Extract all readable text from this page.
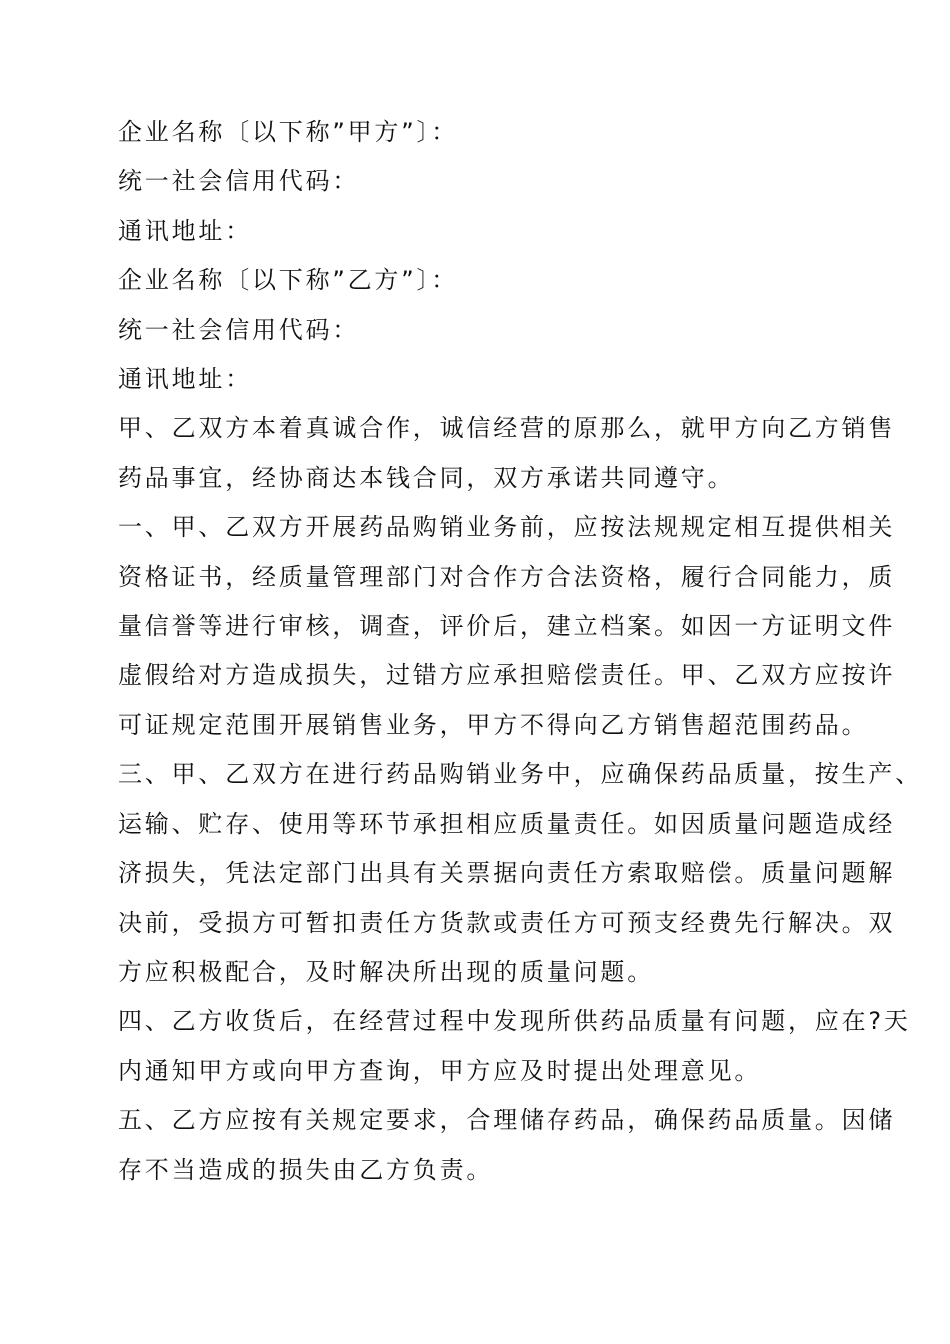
企业名称〔以下称”甲方”〕：

统一社会信用代码：

通讯地址：

企业名称〔以下称”乙方”〕：

统一社会信用代码：

通讯地址：

甲、乙双方本着真诚合作，诚信经营的原那么，就甲方向乙方销售

药品事宜，经协商达本钱合同，双方承诺共同遵守。

一、甲、乙双方开展药品购销业务前，应按法规规定相互提供相关

资格证书，经质量管理部门对合作方合法资格，履行合同能力，质

量信誉等进行审核，调查，评价后，建立档案。如因一方证明文件

虚假给对方造成损失，过错方应承担赔偿责任。甲、乙双方应按许

可证规定范围开展销售业务，甲方不得向乙方销售超范围药品。

三、甲、乙双方在进行药品购销业务中，应确保药品质量，按生产、

运输、贮存、使用等环节承担相应质量责任。如因质量问题造成经

济损失，凭法定部门出具有关票据向责任方索取赔偿。质量问题解

决前，受损方可暂扣责任方货款或责任方可预支经费先行解决。双

方应积极配合，及时解决所出现的质量问题。

四、乙方收货后，在经营过程中发现所供药品质量有问题，应在?天

内通知甲方或向甲方查询，甲方应及时提出处理意见。

五、乙方应按有关规定要求，合理储存药品，确保药品质量。因储

存不当造成的损失由乙方负责。
